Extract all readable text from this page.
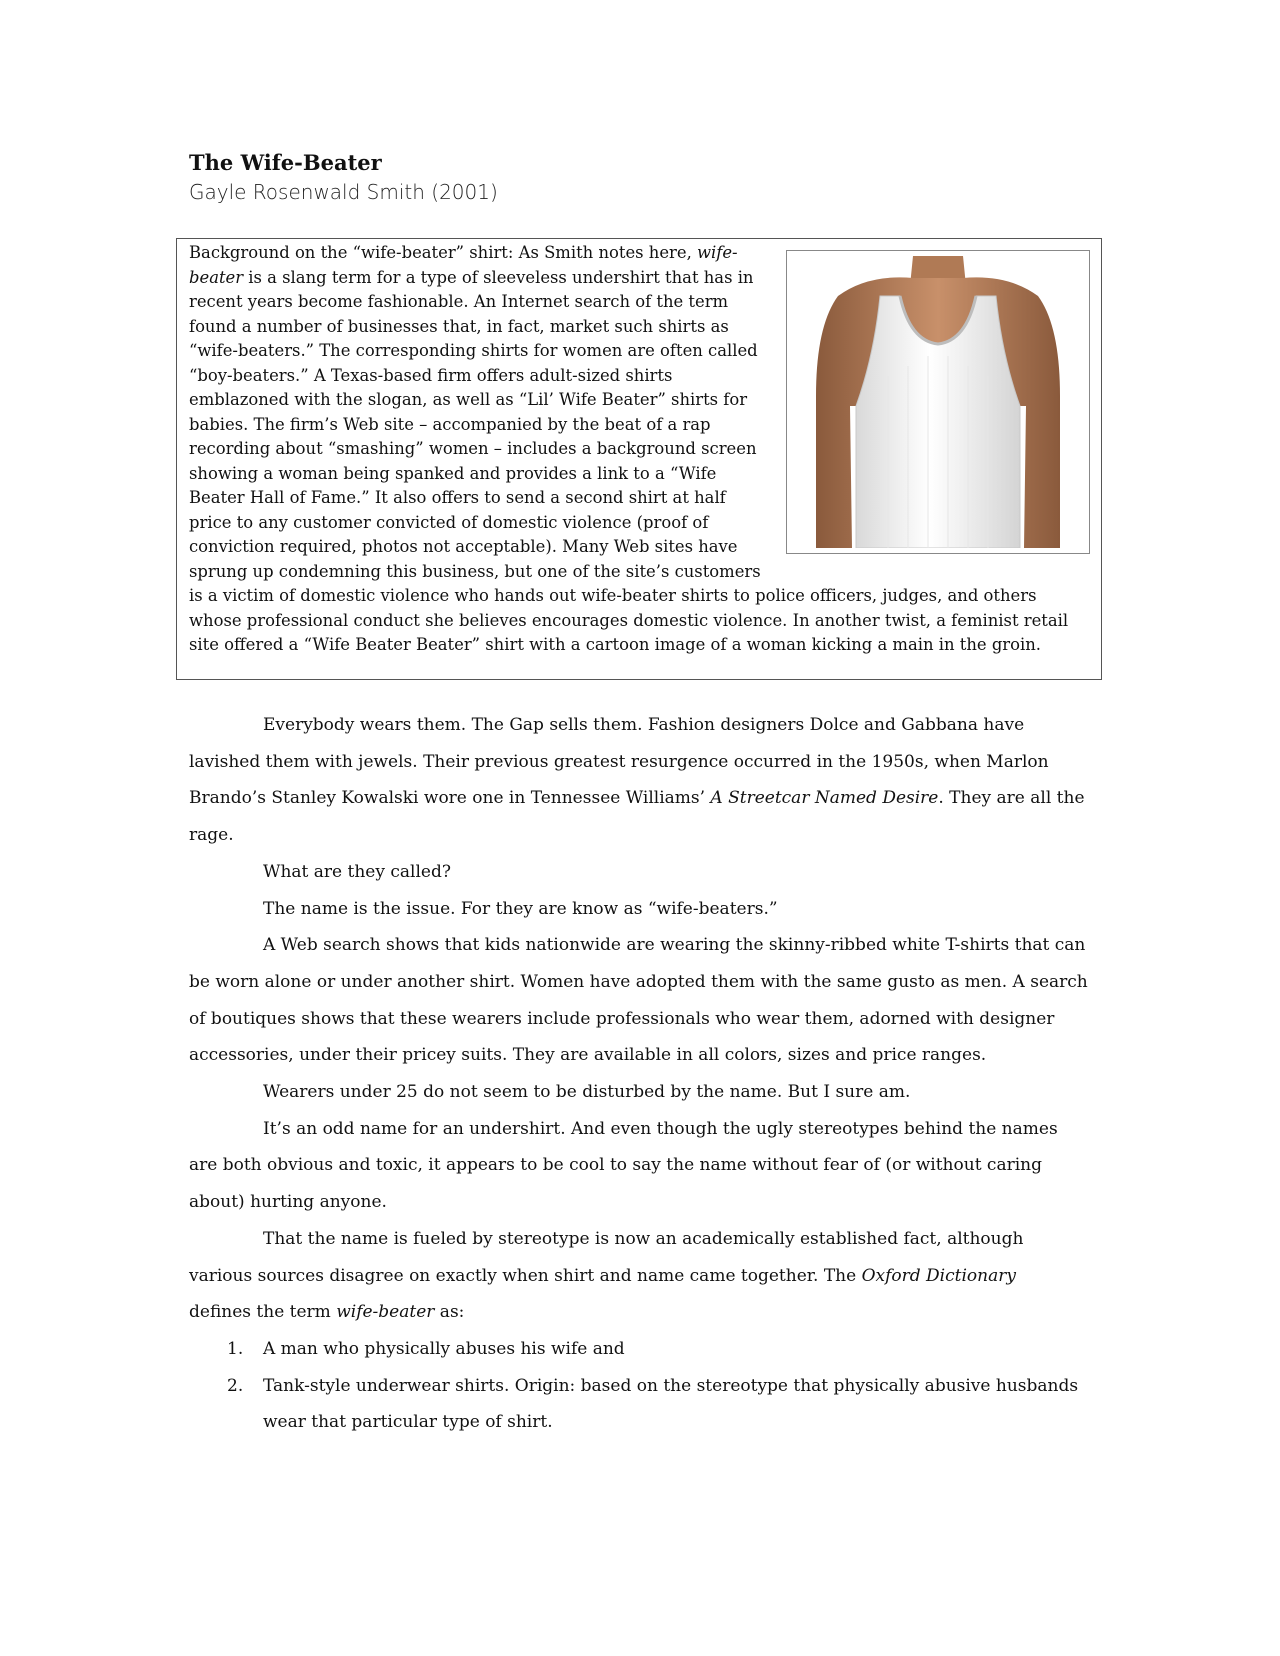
The Wife-Beater
Gayle Rosenwald Smith (2001)

Background on the “wife-beater” shirt: As Smith notes here, wife-beater is a slang term for a type of sleeveless undershirt that has in recent years become fashionable. An Internet search of the term found a number of businesses that, in fact, market such shirts as “wife-beaters.” The corresponding shirts for women are often called “boy-beaters.” A Texas-based firm offers adult-sized shirts emblazoned with the slogan, as well as “Lil’ Wife Beater” shirts for babies. The firm’s Web site – accompanied by the beat of a rap recording about “smashing” women – includes a background screen showing a woman being spanked and provides a link to a “Wife Beater Hall of Fame.” It also offers to send a second shirt at half price to any customer convicted of domestic violence (proof of conviction required, photos not acceptable). Many Web sites have sprung up condemning this business, but one of the site’s customers is a victim of domestic violence who hands out wife-beater shirts to police officers, judges, and others whose professional conduct she believes encourages domestic violence. In another twist, a feminist retail site offered a “Wife Beater Beater” shirt with a cartoon image of a woman kicking a main in the groin.

Everybody wears them. The Gap sells them. Fashion designers Dolce and Gabbana have lavished them with jewels. Their previous greatest resurgence occurred in the 1950s, when Marlon Brando’s Stanley Kowalski wore one in Tennessee Williams’ A Streetcar Named Desire. They are all the rage.

What are they called?

The name is the issue. For they are know as “wife-beaters.”

A Web search shows that kids nationwide are wearing the skinny-ribbed white T-shirts that can be worn alone or under another shirt. Women have adopted them with the same gusto as men. A search of boutiques shows that these wearers include professionals who wear them, adorned with designer accessories, under their pricey suits. They are available in all colors, sizes and price ranges.

Wearers under 25 do not seem to be disturbed by the name. But I sure am.

It’s an odd name for an undershirt. And even though the ugly stereotypes behind the names are both obvious and toxic, it appears to be cool to say the name without fear of (or without caring about) hurting anyone.

That the name is fueled by stereotype is now an academically established fact, although various sources disagree on exactly when shirt and name came together. The Oxford Dictionary

defines the term wife-beater as:

1. A man who physically abuses his wife and
2. Tank-style underwear shirts. Origin: based on the stereotype that physically abusive husbands wear that particular type of shirt.
